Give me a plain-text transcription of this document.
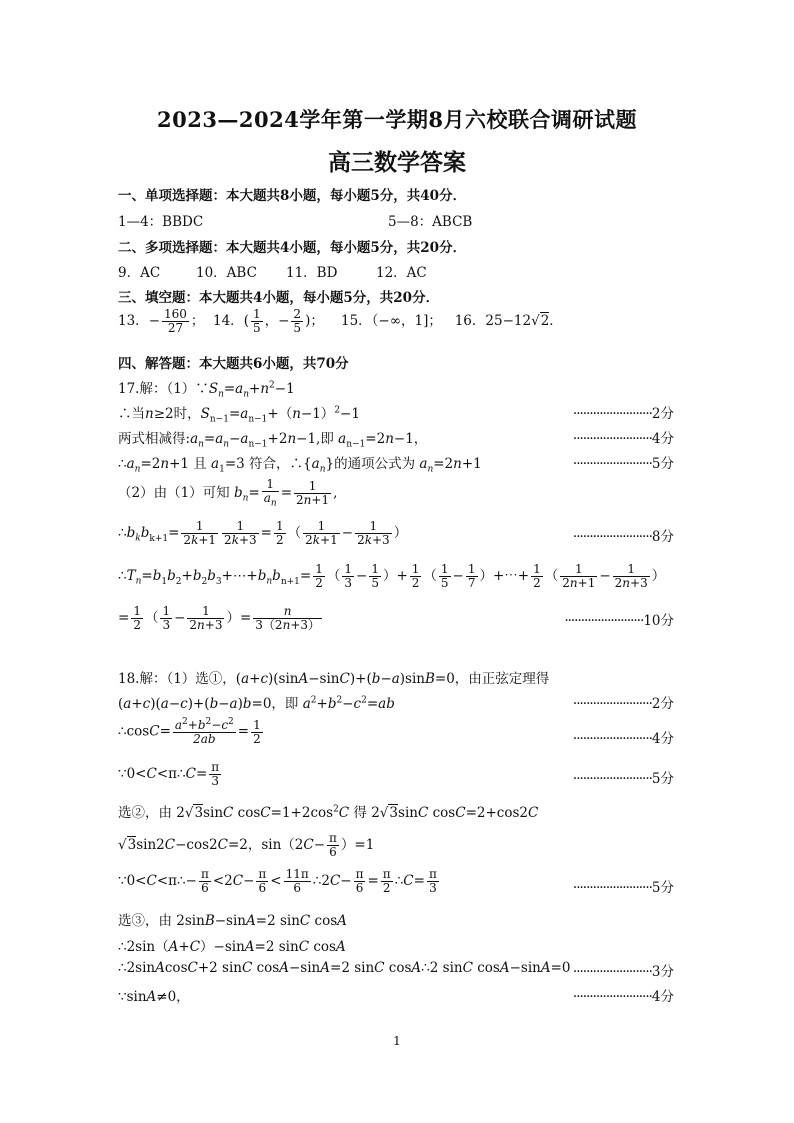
2023—2024学年第一学期8月六校联合调研试题
高三数学答案
一、单项选择题：本大题共8小题，每小题5分，共40分．
1—4：BBDC	5—8：ABCB
二、多项选择题：本大题共4小题，每小题5分，共20分．
9．AC	10．ABC 11．BD	12．AC
三、填空题：本大题共4小题，每小题5分，共20分．
13．− $\frac{160}{27}$ ；  14．( $\frac{1}{5}$ ，− $\frac{2}{5}$ )；    15．（−∞，1]； 16．25−12√2．
四、解答题：本大题共6小题，共70分
17.解：$(1)\because S_n=a_n+n^2-1$
∴当n≥2时，$S_{n-1}=a_{n-1}+(n-1)^2-1$	························2分
两式相减得$:a_n=a_n-a_{n-1}+2n-1$,即 $a_{n-1}=2n-1$，	························4分
$\therefore a_n=2n+1$ 且 $a_1=3$ 符合，$\therefore\{a_n\}$的通项公式为 $a_n=2n+1$	························5分
（2）由（1）可知 $b_n= \frac{1}{a_n} = \frac{1}{2n+1}$ ,
$\therefore b_kb_{k+1}= \frac{1}{2k+1} \frac{1}{2k+3} = \frac{1}{2}$ （ $\frac{1}{2k+1} - \frac{1}{2k+3}$ ）	························8分
$\therefore T_n=b_1b_2+b_2b_3+\cdots+b_nb_{n+1}= \frac{1}{2}$ （ $\frac{1}{3} - \frac{1}{5}$ ）+ $\frac{1}{2}$ （ $\frac{1}{5} - \frac{1}{7}$ ）+⋯+ $\frac{1}{2}$ （ $\frac{1}{2n+1} - \frac{1}{2n+3}$ ）
= $\frac{1}{2}$ （ $\frac{1}{3} - \frac{1}{2n+3}$ ）= $\frac{n}{3(2n+3)}$	························10分
18.解：（1）选①，(a+c)(sinA−sinC)+(b−a)sinB=0，由正弦定理得
(a+c)(a−c)+(b−a)b=0，即 $a^2+b^2-c^2=ab$	························2分
∴cosC= $\frac{a^2+b^2-c^2}{2ab} = \frac{1}{2}$	························4分
∵0<C<π∴C= $\frac{\pi}{3}$	························5分
选②，由 2√3sinC $\cos C=1+2\cos^2C$ 得 2√3sinC cosC=2+cos2C
√3sin2C−cos2C=2，$\sin(2C- \frac{\pi}{6} )=1$
∵0<C<π∴− $\frac{\pi}{6} <2C- \frac{\pi}{6} < \frac{11\pi}{6}$ ∴2C− $\frac{\pi}{6} = \frac{\pi}{2}$ ∴C= $\frac{\pi}{3}$	························5分
选③，由 2sinB−sinA=2 sinC cosA
∴2sin（A+C）−sinA=2 sinC cosA
∴2sinAcosC+2 sinC cosA−sinA=2 sinC cosA∴2 sinC cosA−sinA=0 ························3分
∵sinA≠0，	························4分
1
